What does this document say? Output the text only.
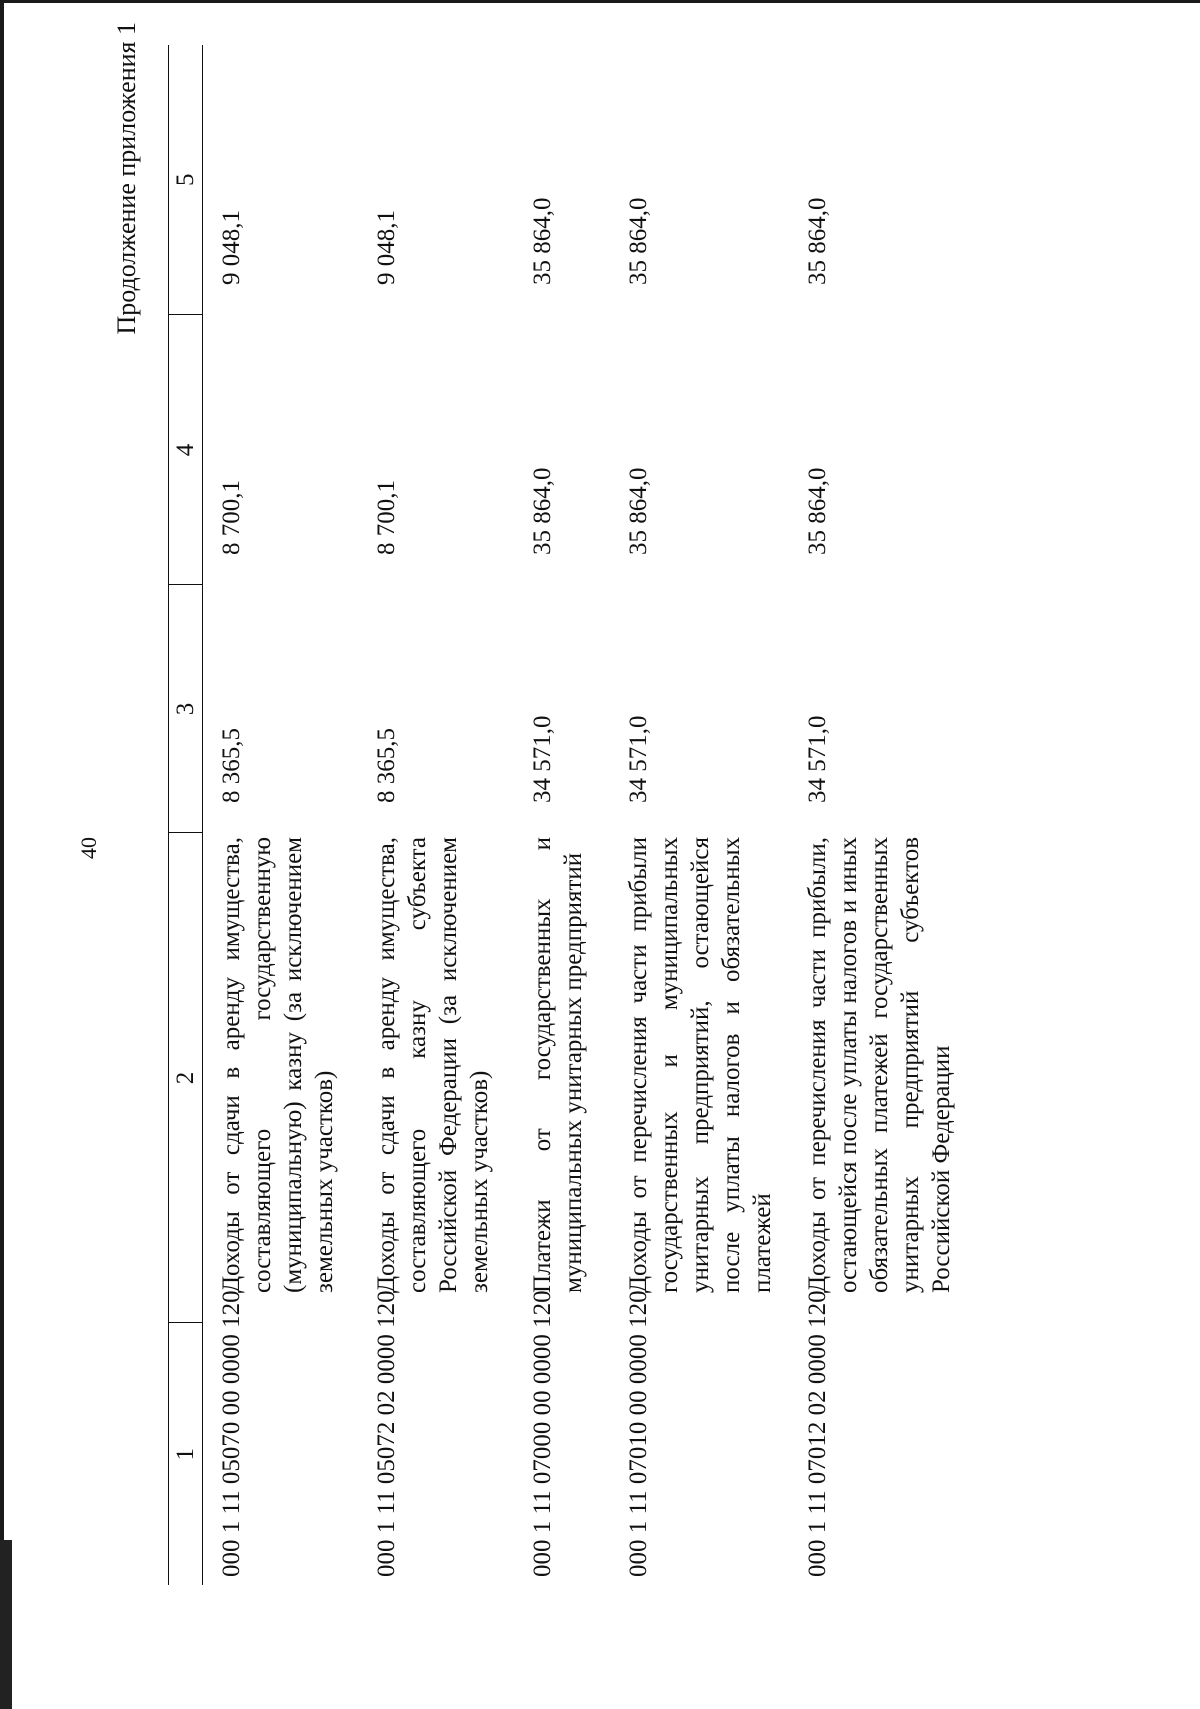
40
Продолжение приложения 1
1	2	3	4	5
000 1 11 05070 00 0000 120	Доходы от сдачи в аренду имущества, составляющего государственную (муниципальную) казну (за исключением земельных участков)	8 365,5	8 700,1	9 048,1
000 1 11 05072 02 0000 120	Доходы от сдачи в аренду имущества, составляющего казну субъекта Российской Федерации (за исключением земельных участков)	8 365,5	8 700,1	9 048,1
000 1 11 07000 00 0000 120	Платежи от государственных и муниципальных унитарных предприятий	34 571,0	35 864,0	35 864,0
000 1 11 07010 00 0000 120	Доходы от перечисления части прибыли государственных и муниципальных унитарных предприятий, остающейся после уплаты налогов и обязательных платежей	34 571,0	35 864,0	35 864,0
000 1 11 07012 02 0000 120	Доходы от перечисления части прибыли, остающейся после уплаты налогов и иных обязательных платежей государственных унитарных предприятий субъектов Российской Федерации	34 571,0	35 864,0	35 864,0
